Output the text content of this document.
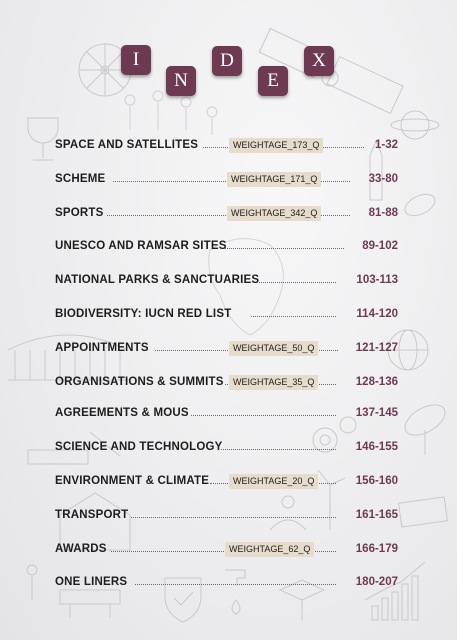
I
N
D
E
X
SPACE AND SATELLITES	WEIGHTAGE_173_Q	1-32
SCHEME	WEIGHTAGE_171_Q	33-80
SPORTS	WEIGHTAGE_342_Q	81-88
UNESCO AND RAMSAR SITES	89-102
NATIONAL PARKS & SANCTUARIES	103-113
BIODIVERSITY: IUCN RED LIST	114-120
APPOINTMENTS	WEIGHTAGE_50_Q	121-127
ORGANISATIONS & SUMMITS	WEIGHTAGE_35_Q	128-136
AGREEMENTS & MOUS	137-145
SCIENCE AND TECHNOLOGY	146-155
ENVIRONMENT & CLIMATE	WEIGHTAGE_20_Q	156-160
TRANSPORT	161-165
AWARDS	WEIGHTAGE_62_Q	166-179
ONE LINERS	180-207
